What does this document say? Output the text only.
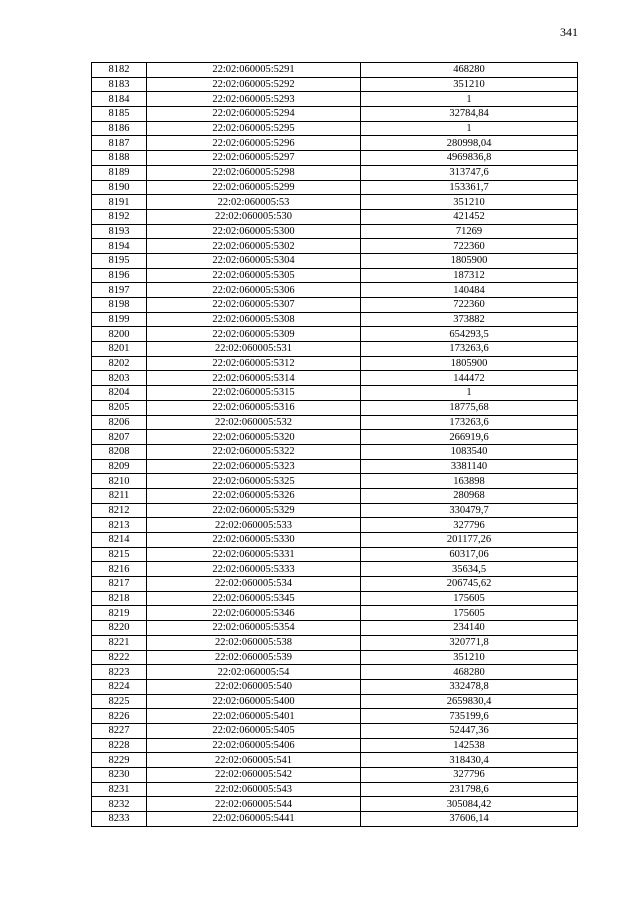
341
8182	22:02:060005:5291	468280
8183	22:02:060005:5292	351210
8184	22:02:060005:5293	1
8185	22:02:060005:5294	32784,84
8186	22:02:060005:5295	1
8187	22:02:060005:5296	280998,04
8188	22:02:060005:5297	4969836,8
8189	22:02:060005:5298	313747,6
8190	22:02:060005:5299	153361,7
8191	22:02:060005:53	351210
8192	22:02:060005:530	421452
8193	22:02:060005:5300	71269
8194	22:02:060005:5302	722360
8195	22:02:060005:5304	1805900
8196	22:02:060005:5305	187312
8197	22:02:060005:5306	140484
8198	22:02:060005:5307	722360
8199	22:02:060005:5308	373882
8200	22:02:060005:5309	654293,5
8201	22:02:060005:531	173263,6
8202	22:02:060005:5312	1805900
8203	22:02:060005:5314	144472
8204	22:02:060005:5315	1
8205	22:02:060005:5316	18775,68
8206	22:02:060005:532	173263,6
8207	22:02:060005:5320	266919,6
8208	22:02:060005:5322	1083540
8209	22:02:060005:5323	3381140
8210	22:02:060005:5325	163898
8211	22:02:060005:5326	280968
8212	22:02:060005:5329	330479,7
8213	22:02:060005:533	327796
8214	22:02:060005:5330	201177,26
8215	22:02:060005:5331	60317,06
8216	22:02:060005:5333	35634,5
8217	22:02:060005:534	206745,62
8218	22:02:060005:5345	175605
8219	22:02:060005:5346	175605
8220	22:02:060005:5354	234140
8221	22:02:060005:538	320771,8
8222	22:02:060005:539	351210
8223	22:02:060005:54	468280
8224	22:02:060005:540	332478,8
8225	22:02:060005:5400	2659830,4
8226	22:02:060005:5401	735199,6
8227	22:02:060005:5405	52447,36
8228	22:02:060005:5406	142538
8229	22:02:060005:541	318430,4
8230	22:02:060005:542	327796
8231	22:02:060005:543	231798,6
8232	22:02:060005:544	305084,42
8233	22:02:060005:5441	37606,14
